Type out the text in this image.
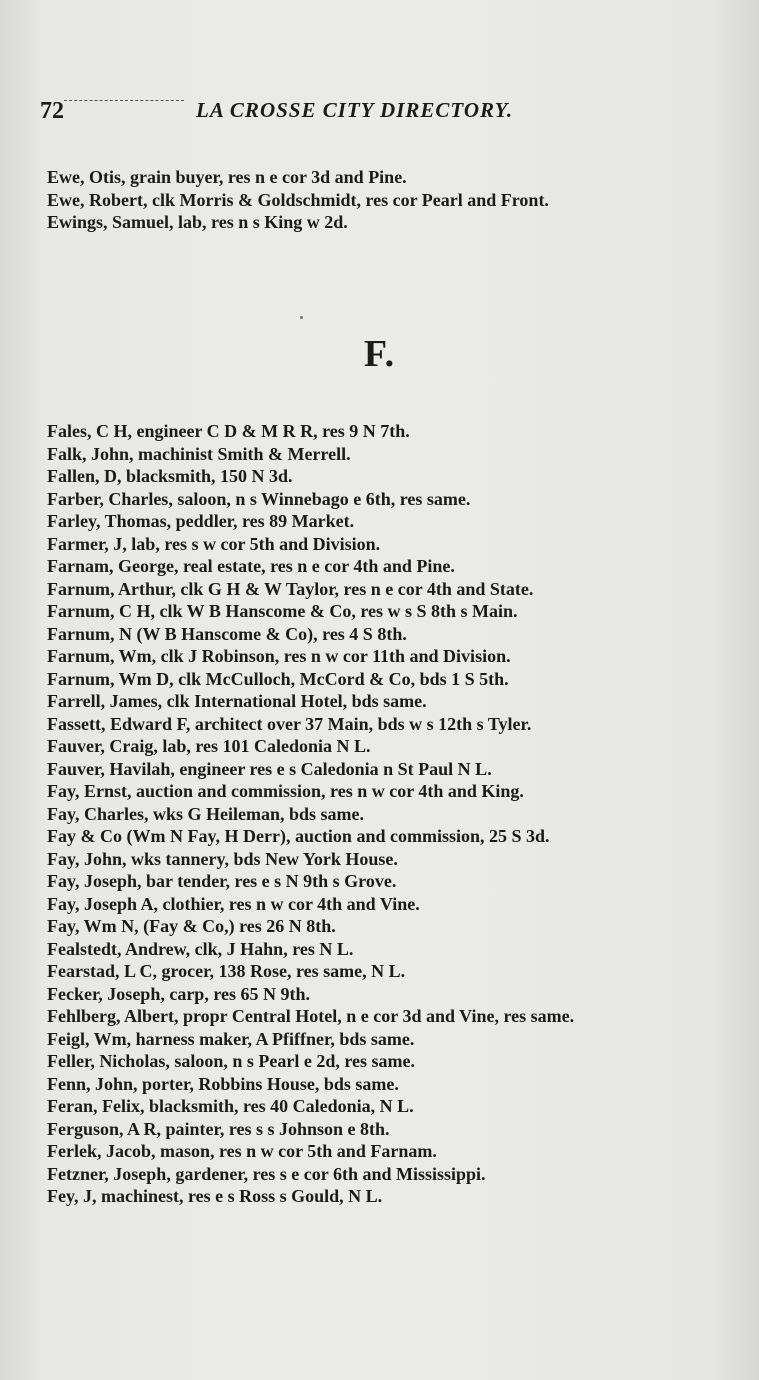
72	LA CROSSE CITY DIRECTORY.

Ewe, Otis, grain buyer, res n e cor 3d and Pine.

Ewe, Robert, clk Morris & Goldschmidt, res cor Pearl and Front.

Ewings, Samuel, lab, res n s King w 2d.

F.

Fales, C H, engineer C D & M R R, res 9 N 7th.

Falk, John, machinist Smith & Merrell.

Fallen, D, blacksmith, 150 N 3d.

Farber, Charles, saloon, n s Winnebago e 6th, res same.

Farley, Thomas, peddler, res 89 Market.

Farmer, J, lab, res s w cor 5th and Division.

Farnam, George, real estate, res n e cor 4th and Pine.

Farnum, Arthur, clk G H & W Taylor, res n e cor 4th and State.

Farnum, C H, clk W B Hanscome & Co, res w s S 8th s Main.

Farnum, N (W B Hanscome & Co), res 4 S 8th.

Farnum, Wm, clk J Robinson, res n w cor 11th and Division.

Farnum, Wm D, clk McCulloch, McCord & Co, bds 1 S 5th.

Farrell, James, clk International Hotel, bds same.

Fassett, Edward F, architect over 37 Main, bds w s 12th s Tyler.

Fauver, Craig, lab, res 101 Caledonia N L.

Fauver, Havilah, engineer res e s Caledonia n St Paul N L.

Fay, Ernst, auction and commission, res n w cor 4th and King.

Fay, Charles, wks G Heileman, bds same.

Fay & Co (Wm N Fay, H Derr), auction and commission, 25 S 3d.

Fay, John, wks tannery, bds New York House.

Fay, Joseph, bar tender, res e s N 9th s Grove.

Fay, Joseph A, clothier, res n w cor 4th and Vine.

Fay, Wm N, (Fay & Co,) res 26 N 8th.

Fealstedt, Andrew, clk, J Hahn, res N L.

Fearstad, L C, grocer, 138 Rose, res same, N L.

Fecker, Joseph, carp, res 65 N 9th.

Fehlberg, Albert, propr Central Hotel, n e cor 3d and Vine, res same.

Feigl, Wm, harness maker, A Pfiffner, bds same.

Feller, Nicholas, saloon, n s Pearl e 2d, res same.

Fenn, John, porter, Robbins House, bds same.

Feran, Felix, blacksmith, res 40 Caledonia, N L.

Ferguson, A R, painter, res s s Johnson e 8th.

Ferlek, Jacob, mason, res n w cor 5th and Farnam.

Fetzner, Joseph, gardener, res s e cor 6th and Mississippi.

Fey, J, machinest, res e s Ross s Gould, N L.
